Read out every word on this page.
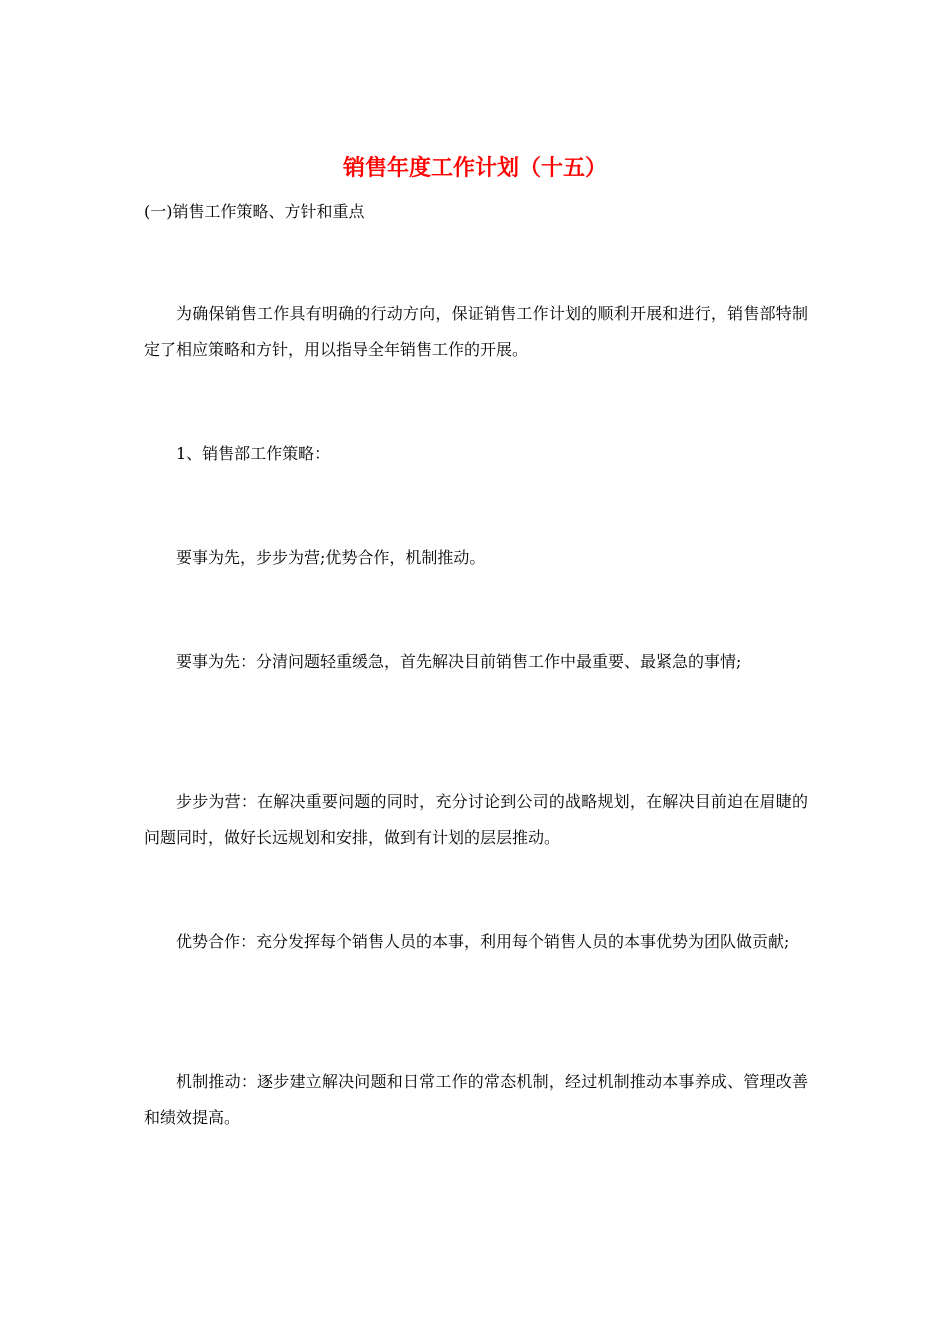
销售年度工作计划（十五）

(一)销售工作策略、方针和重点

为确保销售工作具有明确的行动方向，保证销售工作计划的顺利开展和进行，销售部特制定了相应策略和方针，用以指导全年销售工作的开展。

1、销售部工作策略：

要事为先，步步为营;优势合作，机制推动。

要事为先：分清问题轻重缓急，首先解决目前销售工作中最重要、最紧急的事情;

步步为营：在解决重要问题的同时，充分讨论到公司的战略规划，在解决目前迫在眉睫的问题同时，做好长远规划和安排，做到有计划的层层推动。

优势合作：充分发挥每个销售人员的本事，利用每个销售人员的本事优势为团队做贡献;

机制推动：逐步建立解决问题和日常工作的常态机制，经过机制推动本事养成、管理改善和绩效提高。
